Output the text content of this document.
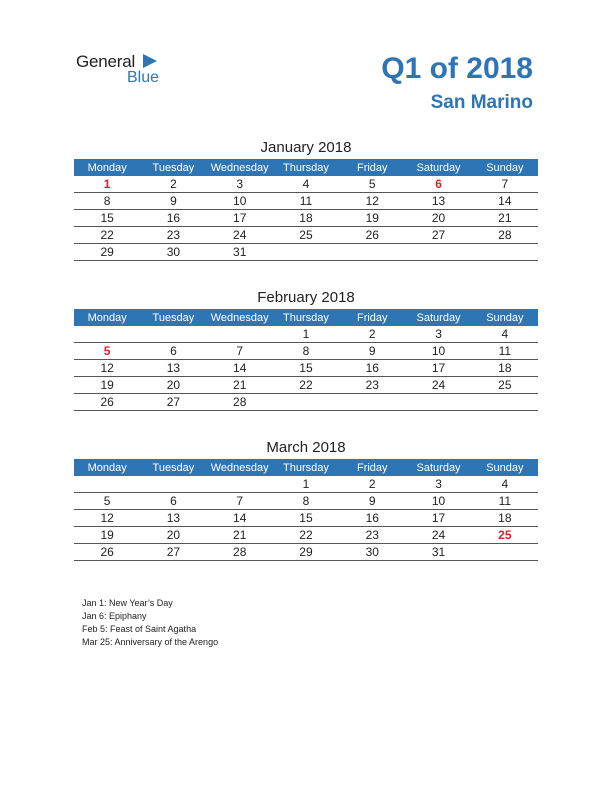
General
Blue	Q1 of 2018
San Marino
January 2018
Monday	Tuesday	Wednesday	Thursday	Friday	Saturday	Sunday
1	2	3	4	5	6	7
8	9	10	11	12	13	14
15	16	17	18	19	20	21
22	23	24	25	26	27	28
29	30	31				
February 2018
Monday	Tuesday	Wednesday	Thursday	Friday	Saturday	Sunday
			1	2	3	4
5	6	7	8	9	10	11
12	13	14	15	16	17	18
19	20	21	22	23	24	25
26	27	28				
March 2018
Monday	Tuesday	Wednesday	Thursday	Friday	Saturday	Sunday
			1	2	3	4
5	6	7	8	9	10	11
12	13	14	15	16	17	18
19	20	21	22	23	24	25
26	27	28	29	30	31	
Jan 1: New Year’s Day
Jan 6: Epiphany
Feb 5: Feast of Saint Agatha
Mar 25: Anniversary of the Arengo
